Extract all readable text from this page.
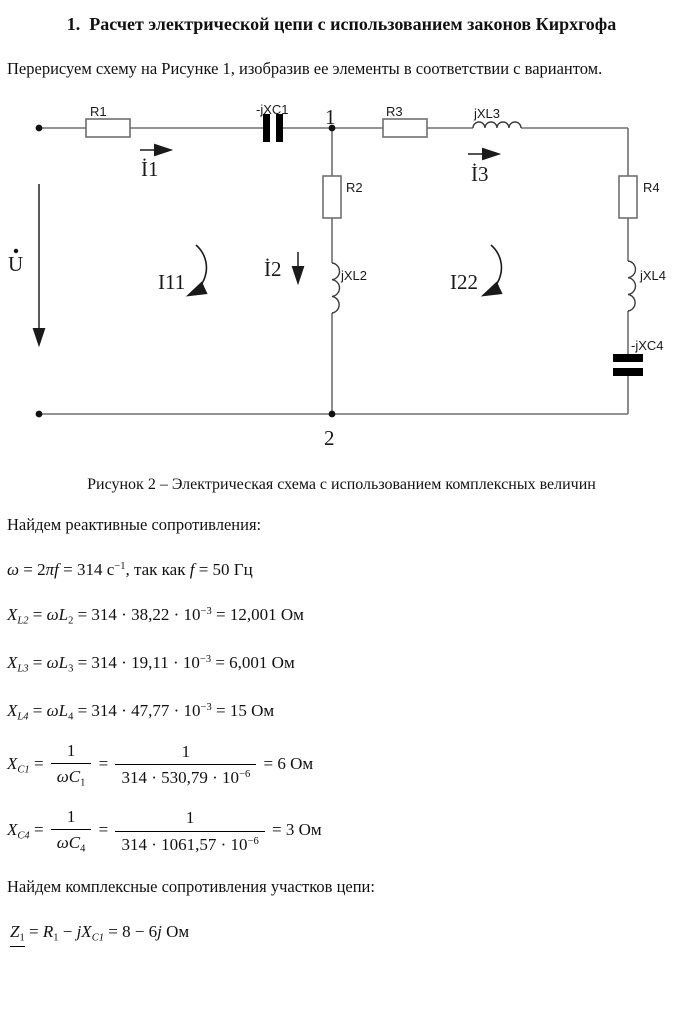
1.  Расчет электрической цепи с использованием законов Кирхгофа

Перерисуем схему на Рисунке 1, изобразив ее элементы в соответствии с вариантом.

R1	-jXC1	R3	jXL3
R2	R4
jXL2	jXL4
-jXC4
1
2
İ1	İ3
İ2
I11	I22
U

Рисунок 2 – Электрическая схема с использованием комплексных величин

Найдем реактивные сопротивления:

ω = 2πf = 314 $с^{-1}$, так как f = 50 Гц
$X_{L2} = \omega L_2 = 314 \cdot 38,22 \cdot 10^{-3} = 12,001$ Ом
$X_{L3} = \omega L_3 = 314 \cdot 19,11 \cdot 10^{-3} = 6,001$ Ом
$X_{L4} = \omega L_4 = 314 \cdot 47,77 \cdot 10^{-3} = 15$ Ом
$X_{C1} = \frac{1}{\omega C_1} = \frac{1}{314 \cdot 530,79 \cdot 10^{-6}} = 6$ Ом
$X_{C4} = \frac{1}{\omega C_4} = \frac{1}{314 \cdot 1061,57 \cdot 10^{-6}} = 3$ Ом

Найдем комплексные сопротивления участков цепи:

$Z_1 = R_1 - jX_{C1} = 8 - 6j$ Ом
